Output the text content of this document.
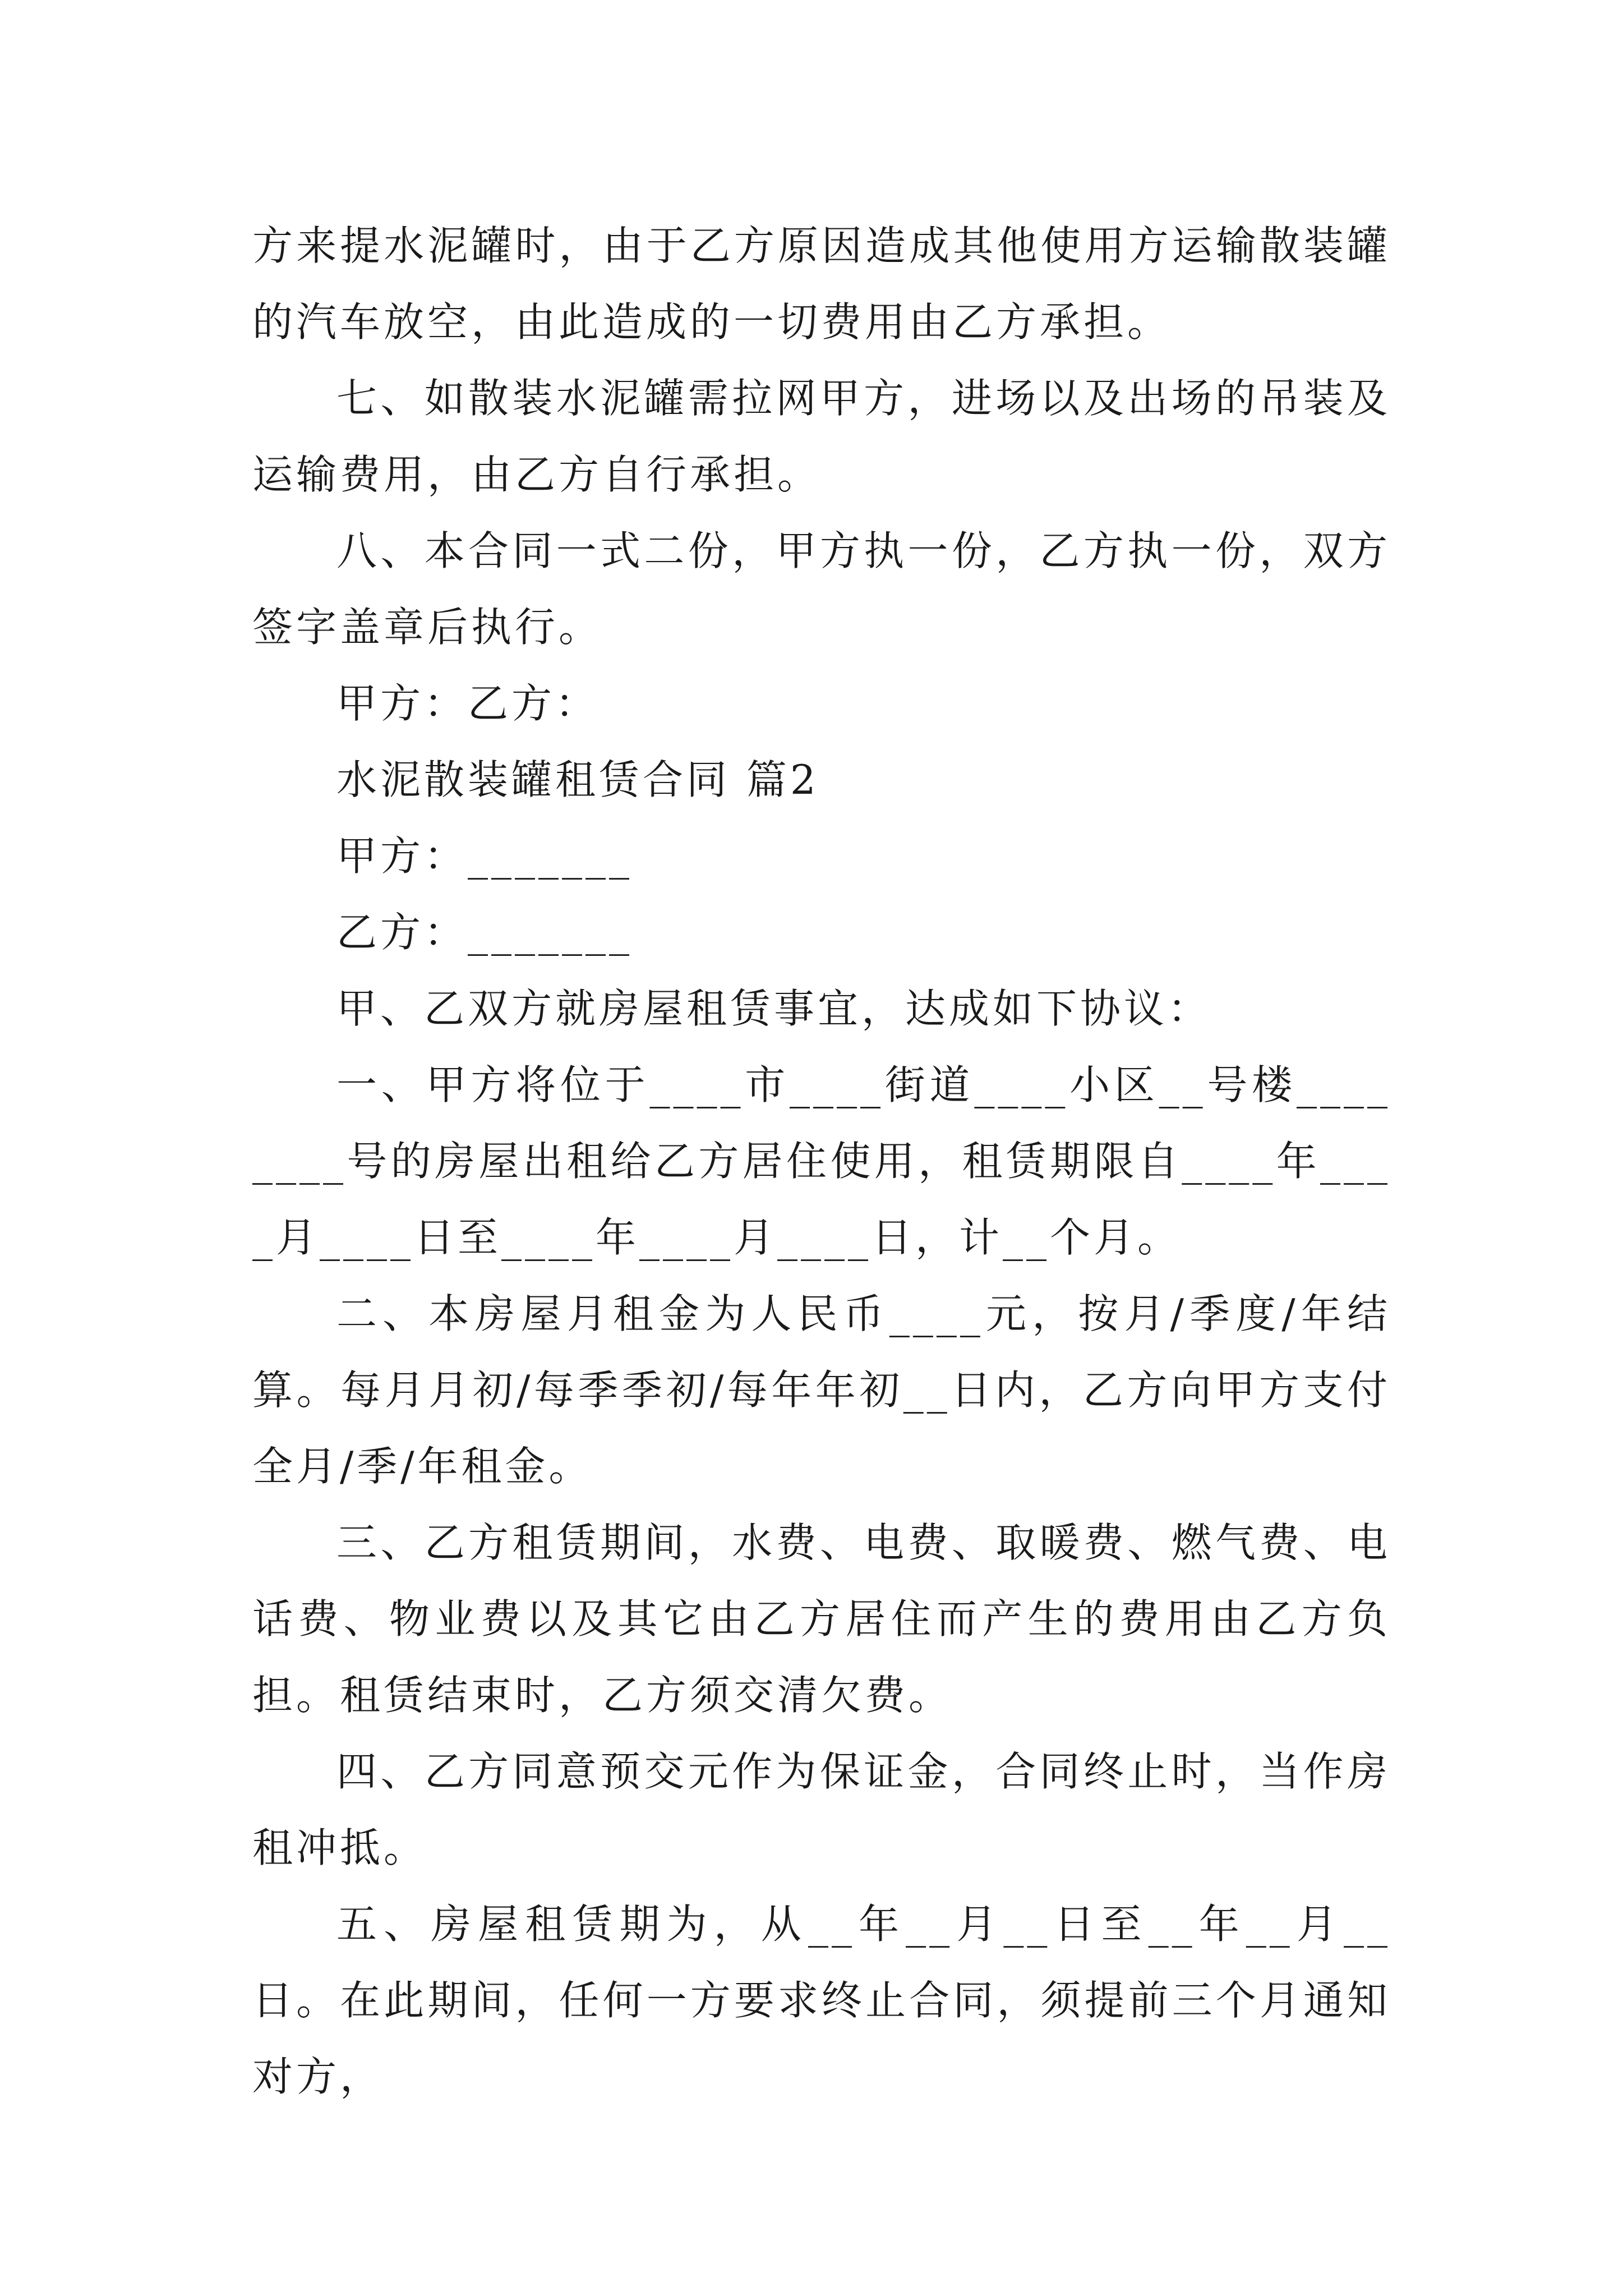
方来提水泥罐时，由于乙方原因造成其他使用方运输散装罐的汽车放空，由此造成的一切费用由乙方承担。

七、如散装水泥罐需拉网甲方，进场以及出场的吊装及运输费用，由乙方自行承担。

八、本合同一式二份，甲方执一份，乙方执一份，双方签字盖章后执行。

甲方：乙方：

水泥散装罐租赁合同 篇2

甲方：_______

乙方：_______

甲、乙双方就房屋租赁事宜，达成如下协议：

一、甲方将位于____市____街道____小区__号楼________号的房屋出租给乙方居住使用，租赁期限自____年____月____日至____年____月____日，计__个月。

二、本房屋月租金为人民币____元，按月/季度/年结算。每月月初/每季季初/每年年初__日内，乙方向甲方支付全月/季/年租金。

三、乙方租赁期间，水费、电费、取暖费、燃气费、电话费、物业费以及其它由乙方居住而产生的费用由乙方负担。租赁结束时，乙方须交清欠费。

四、乙方同意预交元作为保证金，合同终止时，当作房租冲抵。

五、房屋租赁期为，从__年__月__日至__年__月__日。在此期间，任何一方要求终止合同，须提前三个月通知对方，
